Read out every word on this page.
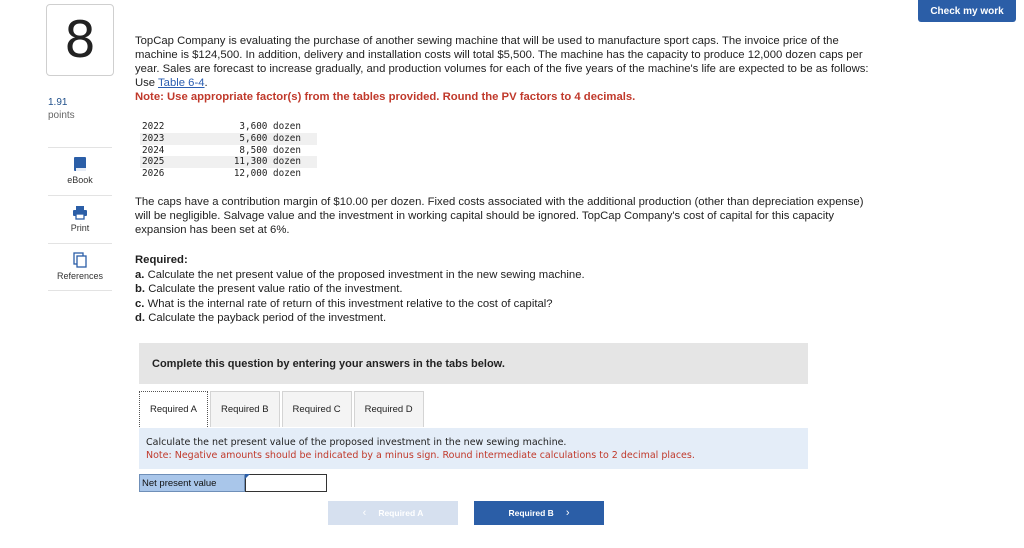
Check my work
8
1.91
points
eBook
Print
References
TopCap Company is evaluating the purchase of another sewing machine that will be used to manufacture sport caps. The invoice price of the machine is $124,500. In addition, delivery and installation costs will total $5,500. The machine has the capacity to produce 12,000 dozen caps per year. Sales are forecast to increase gradually, and production volumes for each of the five years of the machine's life are expected to be as follows: Use Table 6-4.
Note: Use appropriate factor(s) from the tables provided. Round the PV factors to 4 decimals.
2022	3,600 dozen
2023	5,600 dozen
2024	8,500 dozen
2025	11,300 dozen
2026	12,000 dozen
The caps have a contribution margin of $10.00 per dozen. Fixed costs associated with the additional production (other than depreciation expense) will be negligible. Salvage value and the investment in working capital should be ignored. TopCap Company's cost of capital for this capacity expansion has been set at 6%.
Required:
a. Calculate the net present value of the proposed investment in the new sewing machine.
b. Calculate the present value ratio of the investment.
c. What is the internal rate of return of this investment relative to the cost of capital?
d. Calculate the payback period of the investment.
Complete this question by entering your answers in the tabs below.
Required A	Required B	Required C	Required D
Calculate the net present value of the proposed investment in the new sewing machine.
Note: Negative amounts should be indicated by a minus sign. Round intermediate calculations to 2 decimal places.
Net present value
‹ Required A	Required B ›
